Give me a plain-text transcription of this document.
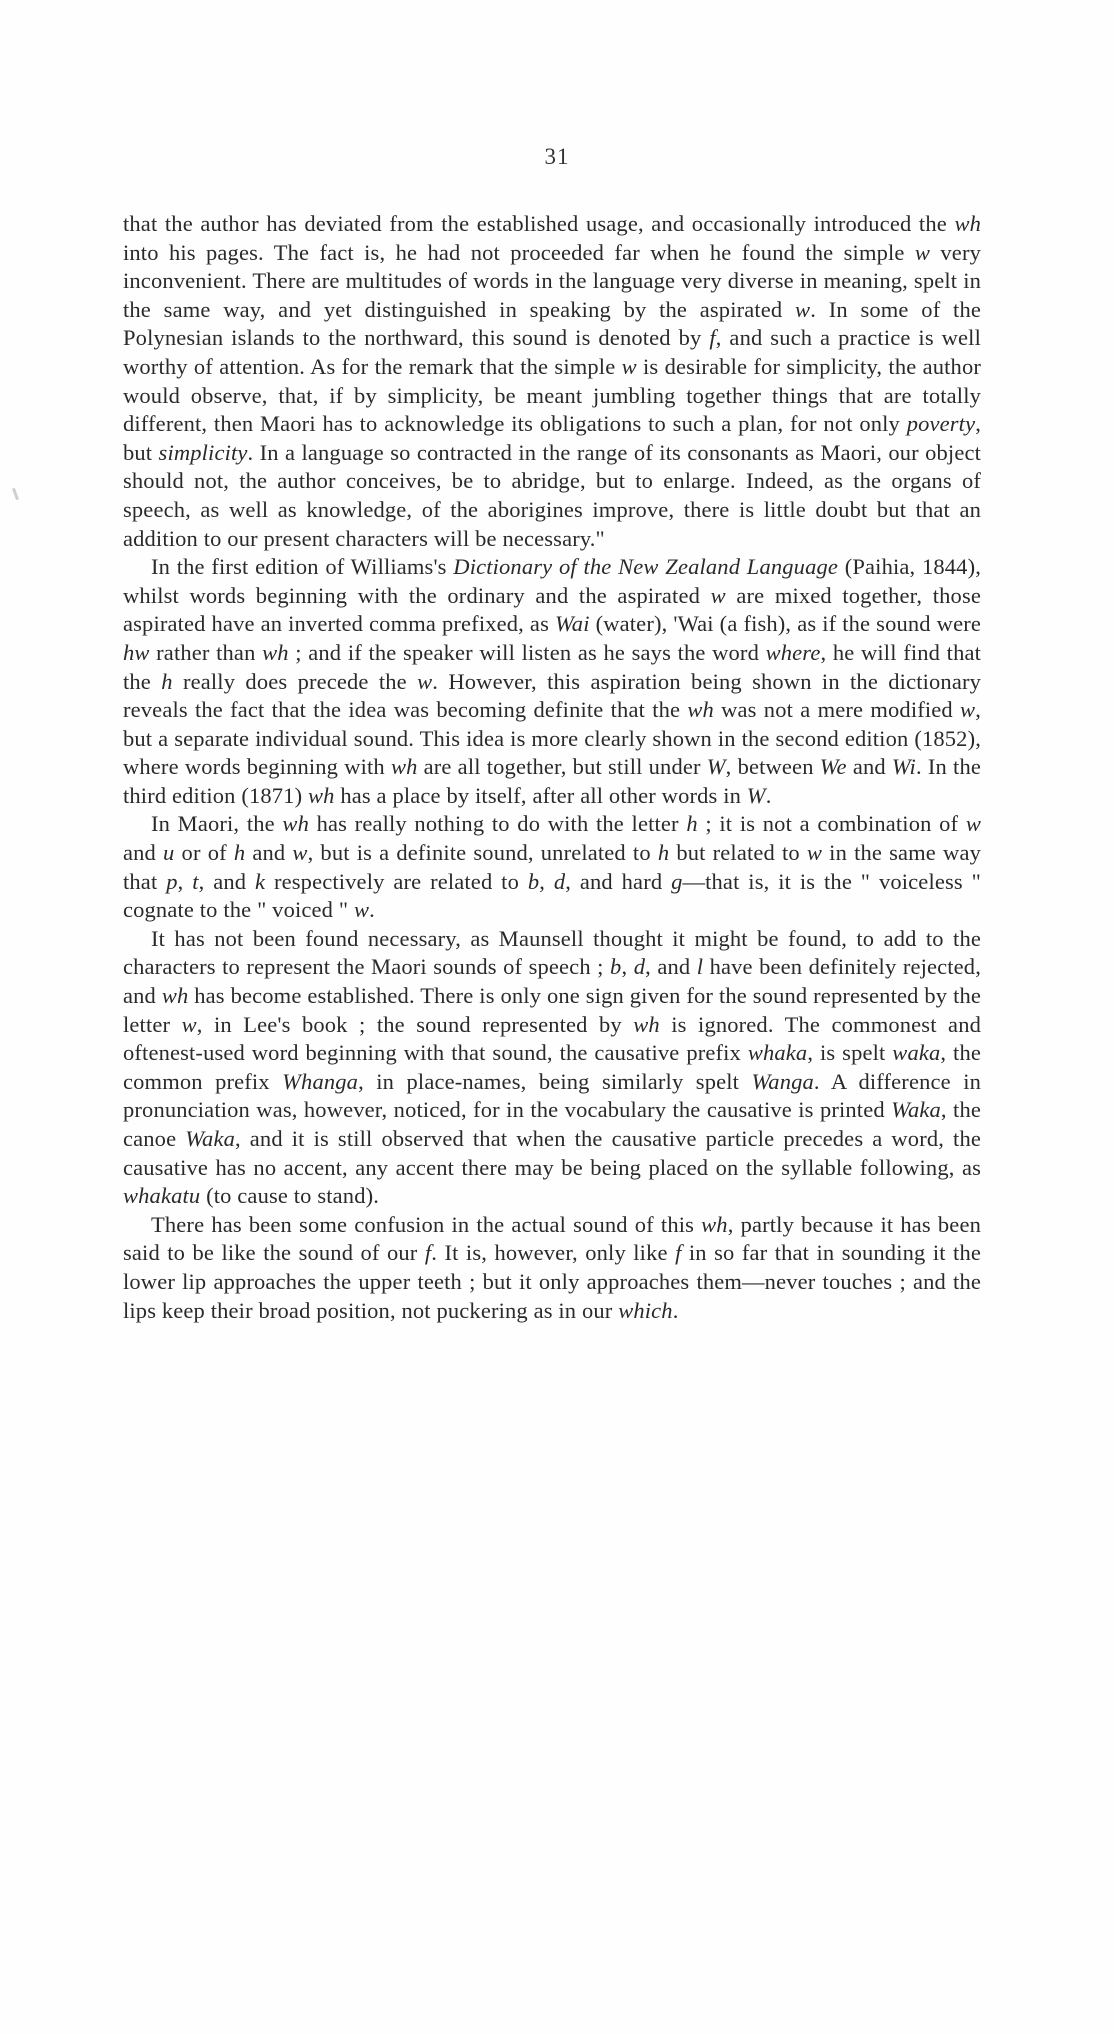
31

that the author has deviated from the established usage, and occasionally introduced the wh into his pages. The fact is, he had not proceeded far when he found the simple w very inconvenient. There are multitudes of words in the language very diverse in meaning, spelt in the same way, and yet distinguished in speaking by the aspirated w. In some of the Polynesian islands to the northward, this sound is denoted by f, and such a practice is well worthy of attention. As for the remark that the simple w is desirable for simplicity, the author would observe, that, if by simplicity, be meant jumbling together things that are totally different, then Maori has to acknowledge its obligations to such a plan, for not only poverty, but simplicity. In a language so contracted in the range of its consonants as Maori, our object should not, the author conceives, be to abridge, but to enlarge. Indeed, as the organs of speech, as well as knowledge, of the aborigines improve, there is little doubt but that an addition to our present characters will be necessary."

In the first edition of Williams's Dictionary of the New Zealand Language (Paihia, 1844), whilst words beginning with the ordinary and the aspirated w are mixed together, those aspirated have an inverted comma prefixed, as Wai (water), 'Wai (a fish), as if the sound were hw rather than wh ; and if the speaker will listen as he says the word where, he will find that the h really does precede the w. However, this aspiration being shown in the dictionary reveals the fact that the idea was becoming definite that the wh was not a mere modified w, but a separate individual sound. This idea is more clearly shown in the second edition (1852), where words beginning with wh are all together, but still under W, between We and Wi. In the third edition (1871) wh has a place by itself, after all other words in W.

In Maori, the wh has really nothing to do with the letter h ; it is not a combination of w and u or of h and w, but is a definite sound, unrelated to h but related to w in the same way that p, t, and k respectively are related to b, d, and hard g—that is, it is the " voiceless " cognate to the " voiced " w.

It has not been found necessary, as Maunsell thought it might be found, to add to the characters to represent the Maori sounds of speech ; b, d, and l have been definitely rejected, and wh has become established. There is only one sign given for the sound represented by the letter w, in Lee's book ; the sound represented by wh is ignored. The commonest and oftenest-used word beginning with that sound, the causative prefix whaka, is spelt waka, the common prefix Whanga, in place-names, being similarly spelt Wanga. A difference in pronunciation was, however, noticed, for in the vocabulary the causative is printed Waka, the canoe Waka, and it is still observed that when the causative particle precedes a word, the causative has no accent, any accent there may be being placed on the syllable following, as whakatu (to cause to stand).

There has been some confusion in the actual sound of this wh, partly because it has been said to be like the sound of our f. It is, however, only like f in so far that in sounding it the lower lip approaches the upper teeth ; but it only approaches them—never touches ; and the lips keep their broad position, not puckering as in our which.
